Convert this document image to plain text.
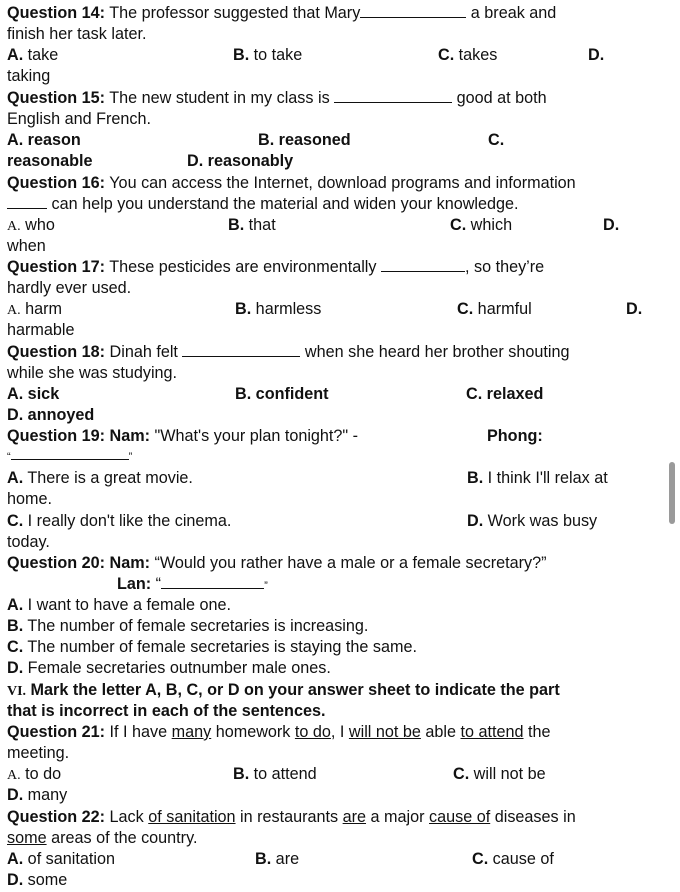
Question 14: The professor suggested that Mary	a break and
finish her task later.
A. take	B. to take	C. takes	D.
taking
Question 15: The new student in my class is	good at both
English and French.
A. reason	B. reasoned	C.
reasonable	D. reasonably
Question 16: You can access the Internet, download programs and information
can help you understand the material and widen your knowledge.
A. who	B. that	C. which	D.
when
Question 17: These pesticides are environmentally	, so they’re
hardly ever used.
A. harm	B. harmless	C. harmful	D.
harmable
Question 18: Dinah felt	when she heard her brother shouting
while she was studying.
A. sick	B. confident	C. relaxed
D. annoyed
Question 19: Nam: "What's your plan tonight?" -	Phong:
“	”
A. There is a great movie.	B. I think I'll relax at
home.
C. I really don't like the cinema.	D. Work was busy
today.
Question 20: Nam: “Would you rather have a male or a female secretary?”
Lan: “	”
A. I want to have a female one.
B. The number of female secretaries is increasing.
C. The number of female secretaries is staying the same.
D. Female secretaries outnumber male ones.
VI. Mark the letter A, B, C, or D on your answer sheet to indicate the part
that is incorrect in each of the sentences.
Question 21: If I have many homework to do, I will not be able to attend the
meeting.
A. to do	B. to attend	C. will not be
D. many
Question 22: Lack of sanitation in restaurants are a major cause of diseases in
some areas of the country.
A. of sanitation	B. are	C. cause of
D. some
